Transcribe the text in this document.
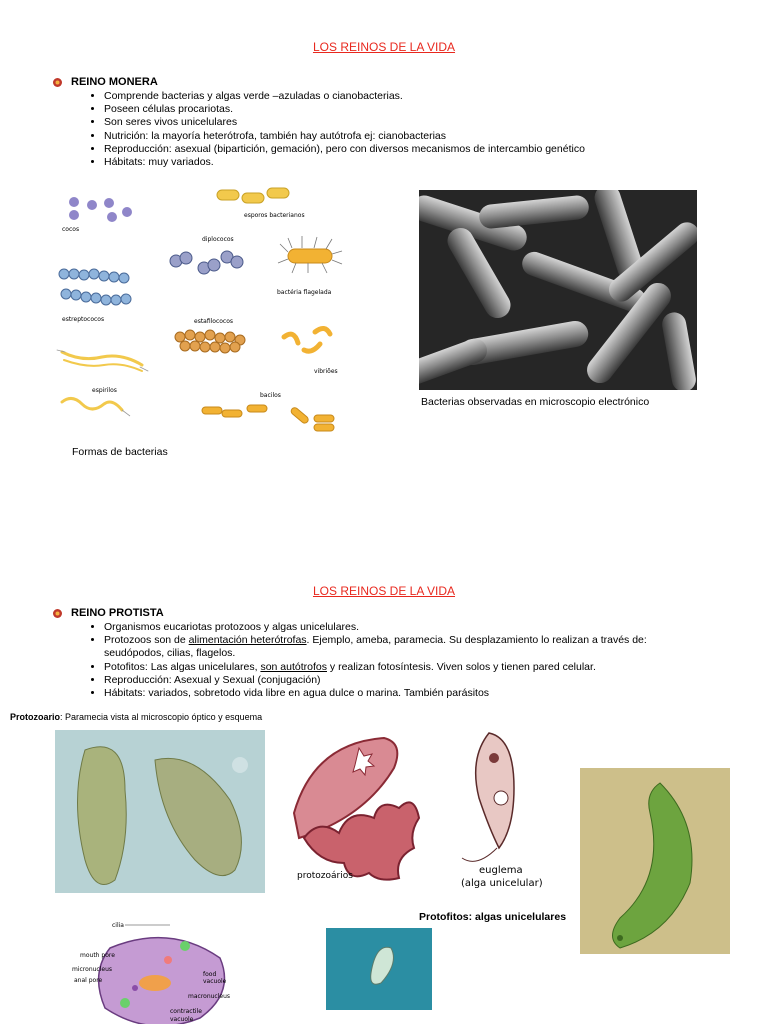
LOS REINOS DE LA VIDA
REINO MONERA
• Comprende bacterias y algas verde –azuladas o cianobacterias.
• Poseen células procariotas.
• Son seres vivos unicelulares
• Nutrición: la mayoría heterótrofa, también hay autótrofa ej: cianobacterias
• Reproducción: asexual (bipartición, gemación), pero con diversos mecanismos de intercambio genético
• Hábitats: muy variados.
cocos
esporos bacterianos
diplococos
bactéria flagelada
estreptococos	estafilococos
vibriões
espirilos
bacilos
Formas de bacterias
Bacterias observadas en microscopio electrónico
LOS REINOS DE LA VIDA
REINO PROTISTA
• Organismos eucariotas protozoos y algas unicelulares.
• Protozoos son de alimentación heterótrofas. Ejemplo, ameba, paramecia. Su desplazamiento lo realizan a través de:
seudópodos, cilias, flagelos.
• Potofitos: Las algas unicelulares, son autótrofos y realizan fotosíntesis. Viven solos y tienen pared celular.
• Reproducción: Asexual y Sexual (conjugación)
• Hábitats: variados, sobretodo vida libre en agua dulce o marina. También parásitos
Protozoario: Paramecia vista al microscopio óptico y esquema
protozoários	euglema
(alga unicelular)
Protofitos: algas unicelulares
cilia
mouth pore
micronucleus
anal pore
food
vacuole
macronucleus
contractile
vacuole
